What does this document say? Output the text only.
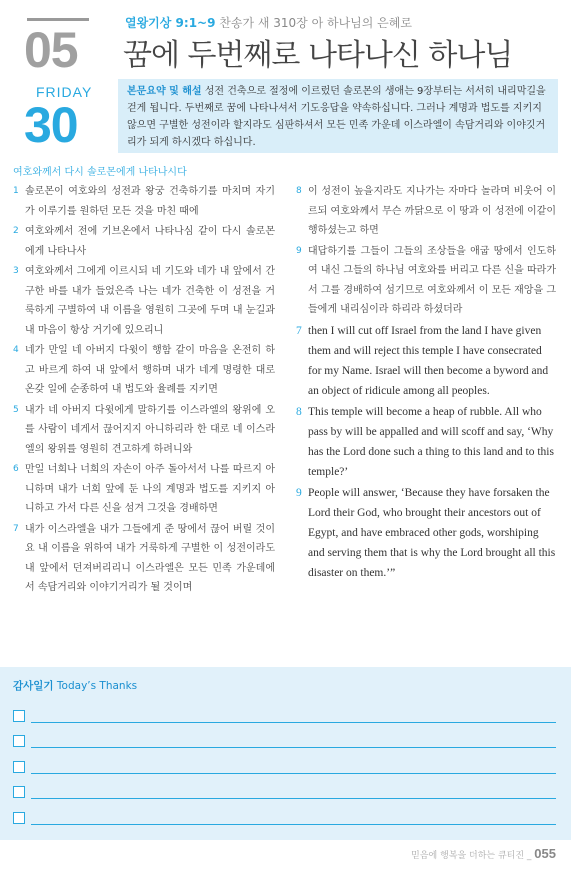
05
FRIDAY
30
열왕기상 9:1~9 찬송가 새 310장 아 하나님의 은혜로
꿈에 두번째로 나타나신 하나님
본문요약 및 해설 성전 건축으로 절정에 이르렀던 솔로몬의 생애는 9장부터는 서서히 내리막길을 걷게 됩니다. 두번째로 꿈에 나타나셔서 기도응답을 약속하십니다. 그러나 계명과 법도를 지키지 않으면 구별한 성전이라 할지라도 심판하셔서 모든 민족 가운데 이스라엘이 속담거리와 이야깃거리가 되게 하시겠다 하십니다.
여호와께서 다시 솔로몬에게 나타나시다
1 솔로몬이 여호와의 성전과 왕궁 건축하기를 마치며 자기가 이루기를 원하던 모든 것을 마친 때에
2 여호와께서 전에 기브온에서 나타나심 같이 다시 솔로몬에게 나타나사
3 여호와께서 그에게 이르시되 네 기도와 네가 내 앞에서 간구한 바를 내가 들었은즉 나는 네가 건축한 이 성전을 거룩하게 구별하여 내 이름을 영원히 그곳에 두며 내 눈길과 내 마음이 항상 거기에 있으리니
4 네가 만일 네 아버지 다윗이 행함 같이 마음을 온전히 하고 바르게 하여 내 앞에서 행하며 내가 네게 명령한 대로 온갖 일에 순종하여 내 법도와 율례를 지키면
5 내가 네 아버지 다윗에게 말하기를 이스라엘의 왕위에 오를 사람이 네게서 끊어지지 아니하리라 한 대로 네 이스라엘의 왕위를 영원히 견고하게 하려니와
6 만일 너희나 너희의 자손이 아주 돌아서서 나를 따르지 아니하며 내가 너희 앞에 둔 나의 계명과 법도를 지키지 아니하고 가서 다른 신을 섬겨 그것을 경배하면
7 내가 이스라엘을 내가 그들에게 준 땅에서 끊어 버릴 것이요 내 이름을 위하여 내가 거룩하게 구별한 이 성전이라도 내 앞에서 던져버리리니 이스라엘은 모든 민족 가운데에서 속담거리와 이야기거리가 될 것이며
8 이 성전이 높을지라도 지나가는 자마다 놀라며 비웃어 이르되 여호와께서 무슨 까닭으로 이 땅과 이 성전에 이같이 행하셨는고 하면
9 대답하기를 그들이 그들의 조상들을 애굽 땅에서 인도하여 내신 그들의 하나님 여호와를 버리고 다른 신을 따라가서 그를 경배하여 섬기므로 여호와께서 이 모든 재앙을 그들에게 내리심이라 하리라 하셨더라
7 then I will cut off Israel from the land I have given them and will reject this temple I have consecrated for my Name. Israel will then become a byword and an object of ridicule among all peoples.
8 This temple will become a heap of rubble. All who pass by will be appalled and will scoff and say, ‘Why has the Lord done such a thing to this land and to this temple?’
9 People will answer, ‘Because they have forsaken the Lord their God, who brought their ancestors out of Egypt, and have embraced other gods, worshiping and serving them that is why the Lord brought all this disaster on them.’”
감사일기 Today’s Thanks
믿음에 행복을 더하는 큐티진 _ 055
